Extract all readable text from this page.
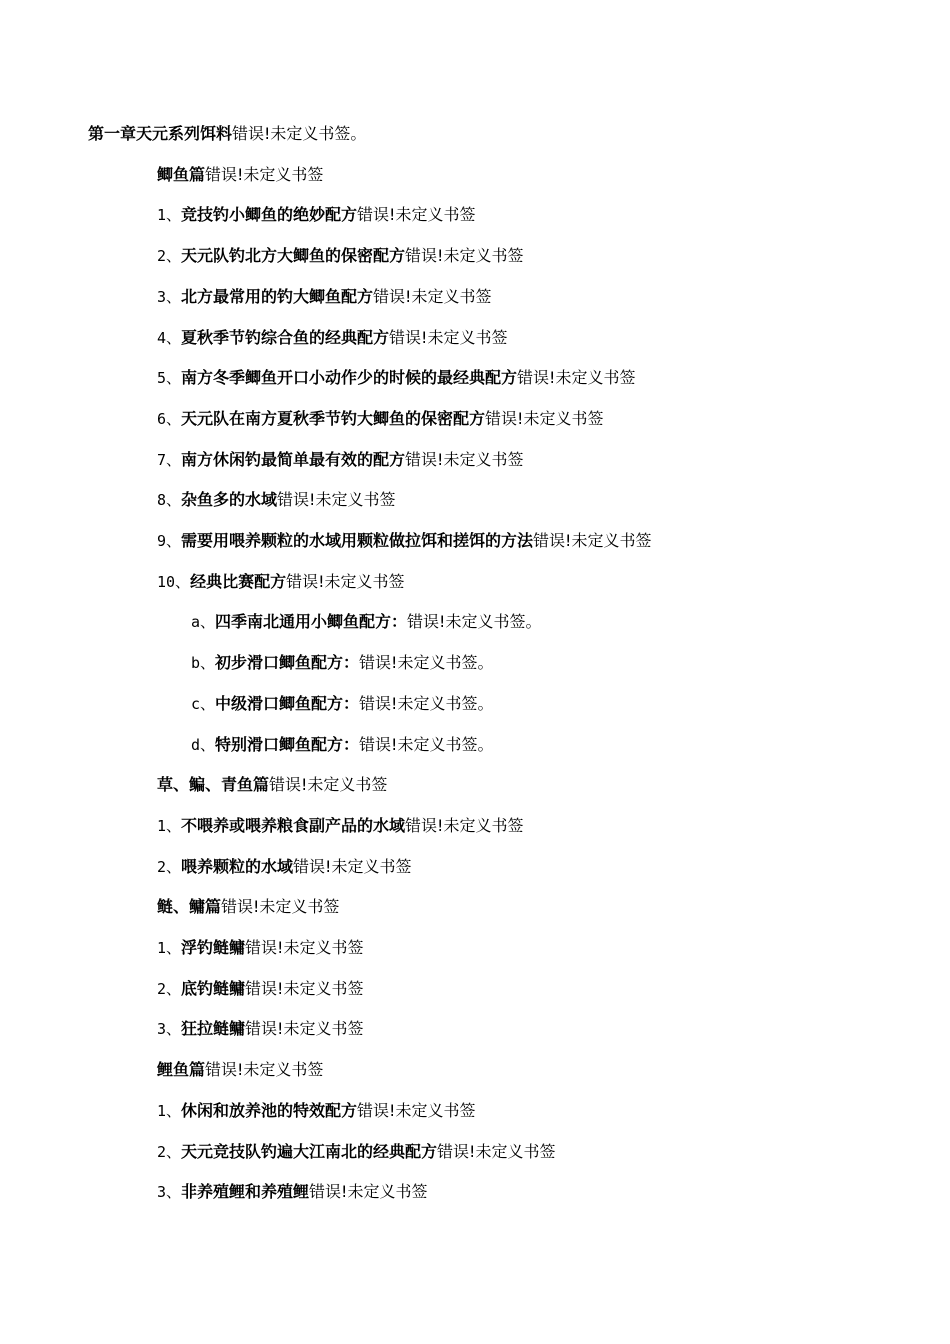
第一章天元系列饵料错误!未定义书签。
鲫鱼篇错误!未定义书签
1、竞技钓小鲫鱼的绝妙配方错误!未定义书签
2、天元队钓北方大鲫鱼的保密配方错误!未定义书签
3、北方最常用的钓大鲫鱼配方错误!未定义书签
4、夏秋季节钓综合鱼的经典配方错误!未定义书签
5、南方冬季鲫鱼开口小动作少的时候的最经典配方错误!未定义书签
6、天元队在南方夏秋季节钓大鲫鱼的保密配方错误!未定义书签
7、南方休闲钓最简单最有效的配方错误!未定义书签
8、杂鱼多的水域错误!未定义书签
9、需要用喂养颗粒的水域用颗粒做拉饵和搓饵的方法错误!未定义书签
10、经典比赛配方错误!未定义书签
a、四季南北通用小鲫鱼配方：错误!未定义书签。
b、初步滑口鲫鱼配方：错误!未定义书签。
c、中级滑口鲫鱼配方：错误!未定义书签。
d、特别滑口鲫鱼配方：错误!未定义书签。
草、鳊、青鱼篇错误!未定义书签
1、不喂养或喂养粮食副产品的水域错误!未定义书签
2、喂养颗粒的水域错误!未定义书签
鲢、鳙篇错误!未定义书签
1、浮钓鲢鳙错误!未定义书签
2、底钓鲢鳙错误!未定义书签
3、狂拉鲢鳙错误!未定义书签
鲤鱼篇错误!未定义书签
1、休闲和放养池的特效配方错误!未定义书签
2、天元竞技队钓遍大江南北的经典配方错误!未定义书签
3、非养殖鲤和养殖鲤错误!未定义书签
